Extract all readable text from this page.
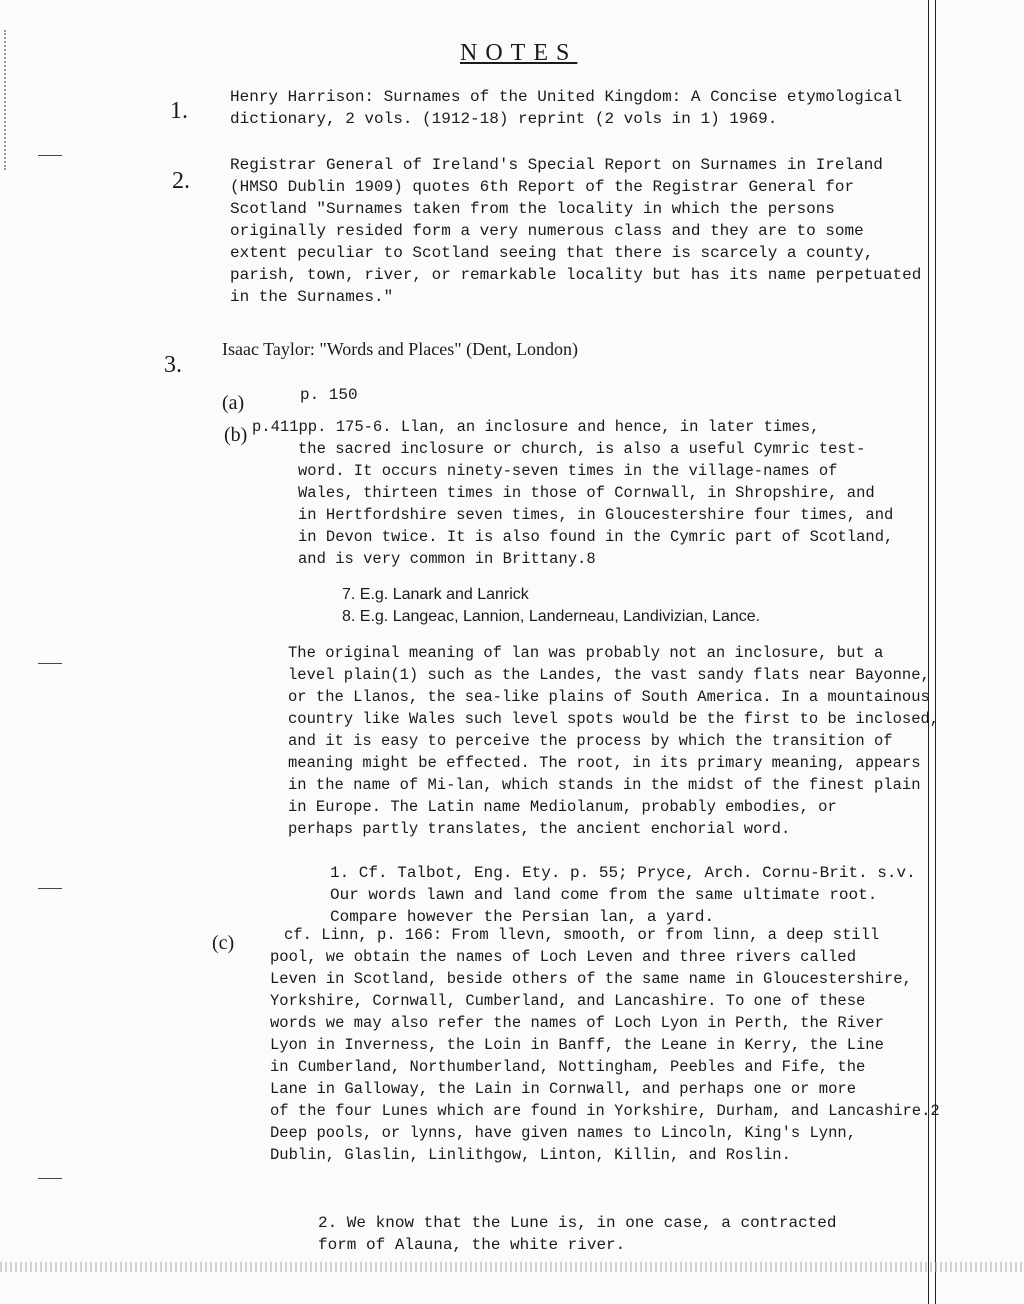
NOTES
1.
Henry Harrison: Surnames of the United Kingdom: A Concise etymological
dictionary, 2 vols. (1912-18) reprint (2 vols in 1) 1969.
2.
Registrar General of Ireland's Special Report on Surnames in Ireland
(HMSO Dublin 1909) quotes 6th Report of the Registrar General for
Scotland "Surnames taken from the locality in which the persons
originally resided form a very numerous class and they are to some
extent peculiar to Scotland seeing that there is scarcely a county,
parish, town, river, or remarkable locality but has its name perpetuated
in the Surnames."
3.
Isaac Taylor: "Words and Places" (Dent, London)
(a)	p. 150
(b) p.411pp. 175-6. Llan, an inclosure and hence, in later times,
the sacred inclosure or church, is also a useful Cymric test-
word. It occurs ninety-seven times in the village-names of
Wales, thirteen times in those of Cornwall, in Shropshire, and
in Hertfordshire seven times, in Gloucestershire four times, and
in Devon twice. It is also found in the Cymric part of Scotland,
and is very common in Brittany.8
7. E.g. Lanark and Lanrick
8. E.g. Langeac, Lannion, Landerneau, Landivizian, Lance.
The original meaning of lan was probably not an inclosure, but a
level plain(1) such as the Landes, the vast sandy flats near Bayonne,
or the Llanos, the sea-like plains of South America. In a mountainous
country like Wales such level spots would be the first to be inclosed,
and it is easy to perceive the process by which the transition of
meaning might be effected. The root, in its primary meaning, appears
in the name of Mi-lan, which stands in the midst of the finest plain
in Europe. The Latin name Mediolanum, probably embodies, or
perhaps partly translates, the ancient enchorial word.
1. Cf. Talbot, Eng. Ety. p. 55; Pryce, Arch. Cornu-Brit. s.v.
Our words lawn and land come from the same ultimate root.
Compare however the Persian lan, a yard.
(c)	cf. Linn, p. 166: From llevn, smooth, or from linn, a deep still
pool, we obtain the names of Loch Leven and three rivers called
Leven in Scotland, beside others of the same name in Gloucestershire,
Yorkshire, Cornwall, Cumberland, and Lancashire. To one of these
words we may also refer the names of Loch Lyon in Perth, the River
Lyon in Inverness, the Loin in Banff, the Leane in Kerry, the Line
in Cumberland, Northumberland, Nottingham, Peebles and Fife, the
Lane in Galloway, the Lain in Cornwall, and perhaps one or more
of the four Lunes which are found in Yorkshire, Durham, and Lancashire.2
Deep pools, or lynns, have given names to Lincoln, King's Lynn,
Dublin, Glaslin, Linlithgow, Linton, Killin, and Roslin.
2. We know that the Lune is, in one case, a contracted
form of Alauna, the white river.
